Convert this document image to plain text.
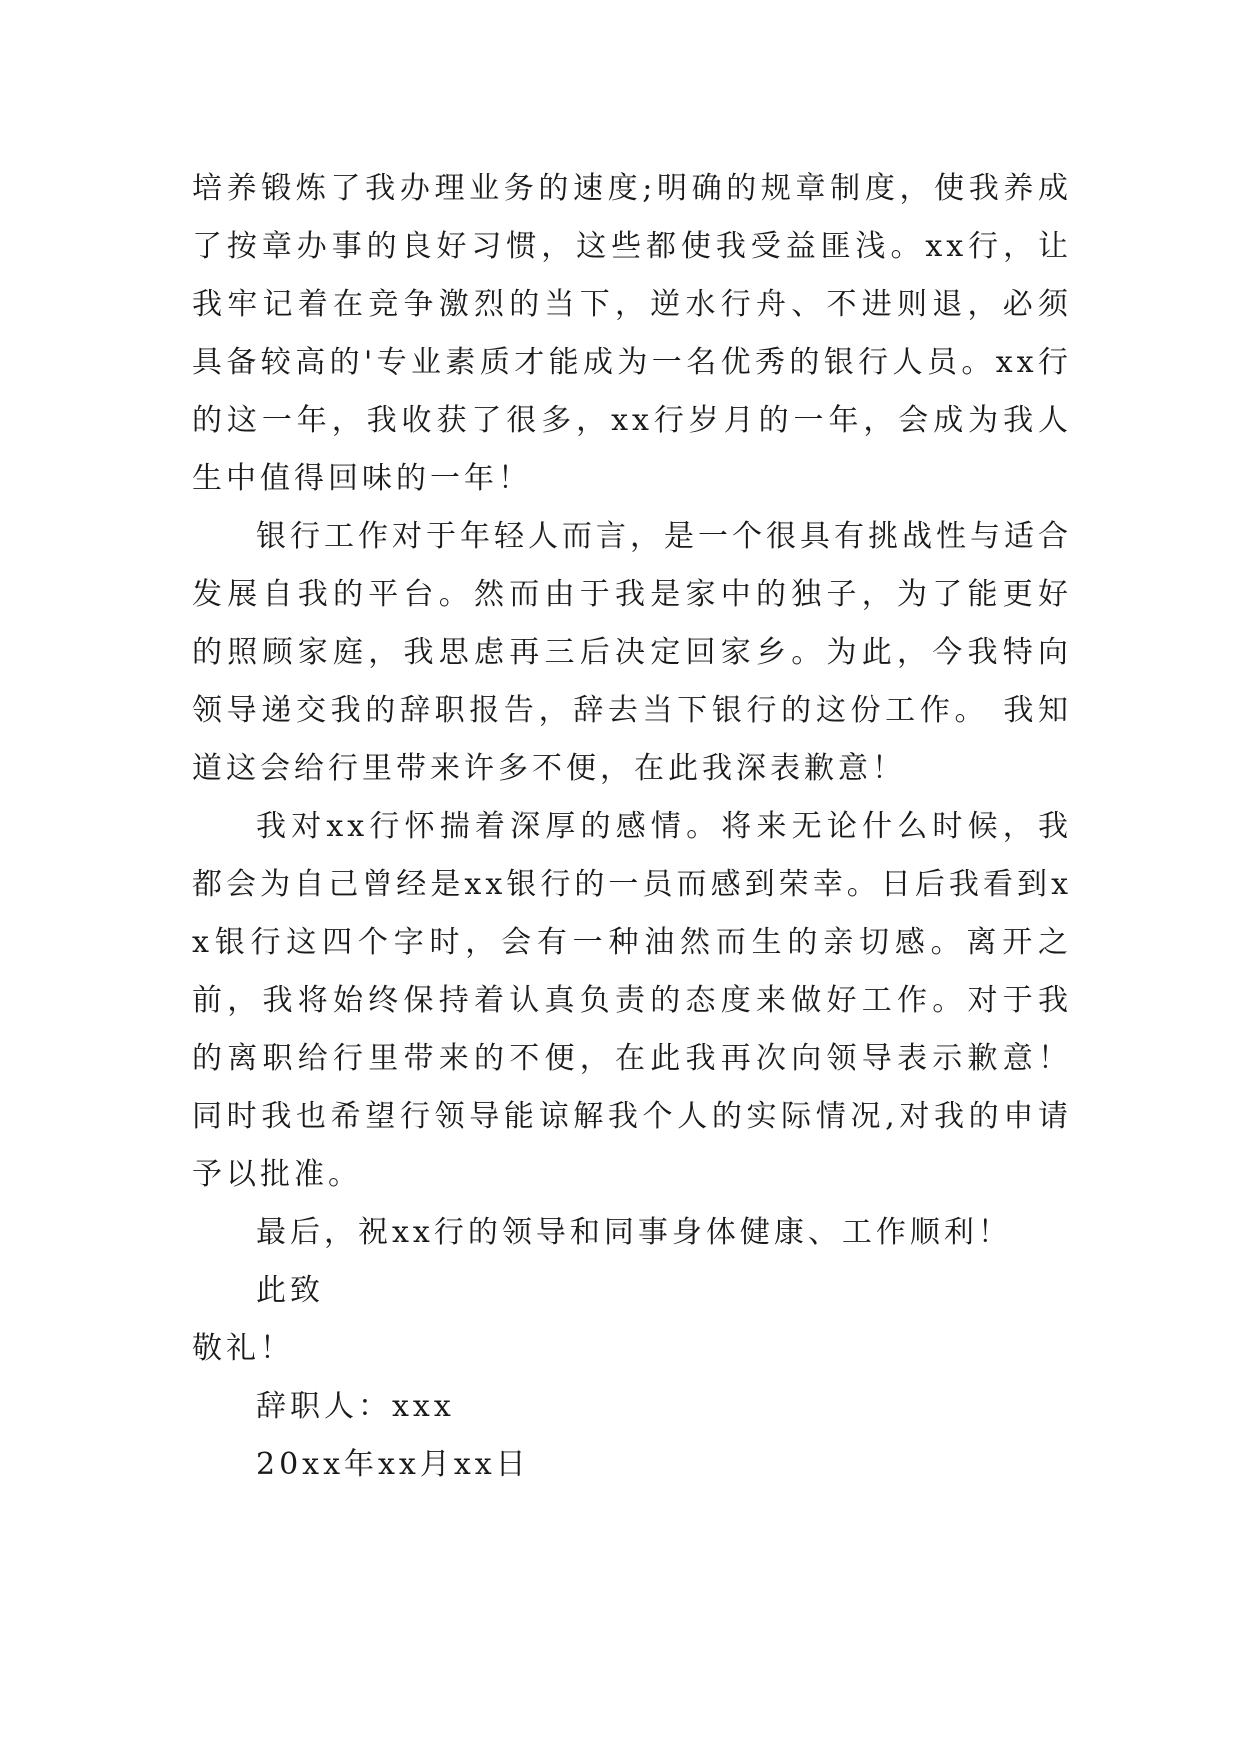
培养锻炼了我办理业务的速度;明确的规章制度，使我养成了按章办事的良好习惯，这些都使我受益匪浅。xx行，让我牢记着在竞争激烈的当下，逆水行舟、不进则退，必须具备较高的'专业素质才能成为一名优秀的银行人员。xx行的这一年，我收获了很多，xx行岁月的一年，会成为我人生中值得回味的一年！

银行工作对于年轻人而言，是一个很具有挑战性与适合发展自我的平台。然而由于我是家中的独子，为了能更好的照顾家庭，我思虑再三后决定回家乡。为此，今我特向领导递交我的辞职报告，辞去当下银行的这份工作。 我知道这会给行里带来许多不便，在此我深表歉意！

我对xx行怀揣着深厚的感情。将来无论什么时候，我都会为自己曾经是xx银行的一员而感到荣幸。日后我看到xx银行这四个字时，会有一种油然而生的亲切感。离开之前，我将始终保持着认真负责的态度来做好工作。对于我的离职给行里带来的不便，在此我再次向领导表示歉意！同时我也希望行领导能谅解我个人的实际情况,对我的申请予以批准。

最后，祝xx行的领导和同事身体健康、工作顺利！

此致

敬礼！

辞职人：xxx

20xx年xx月xx日
